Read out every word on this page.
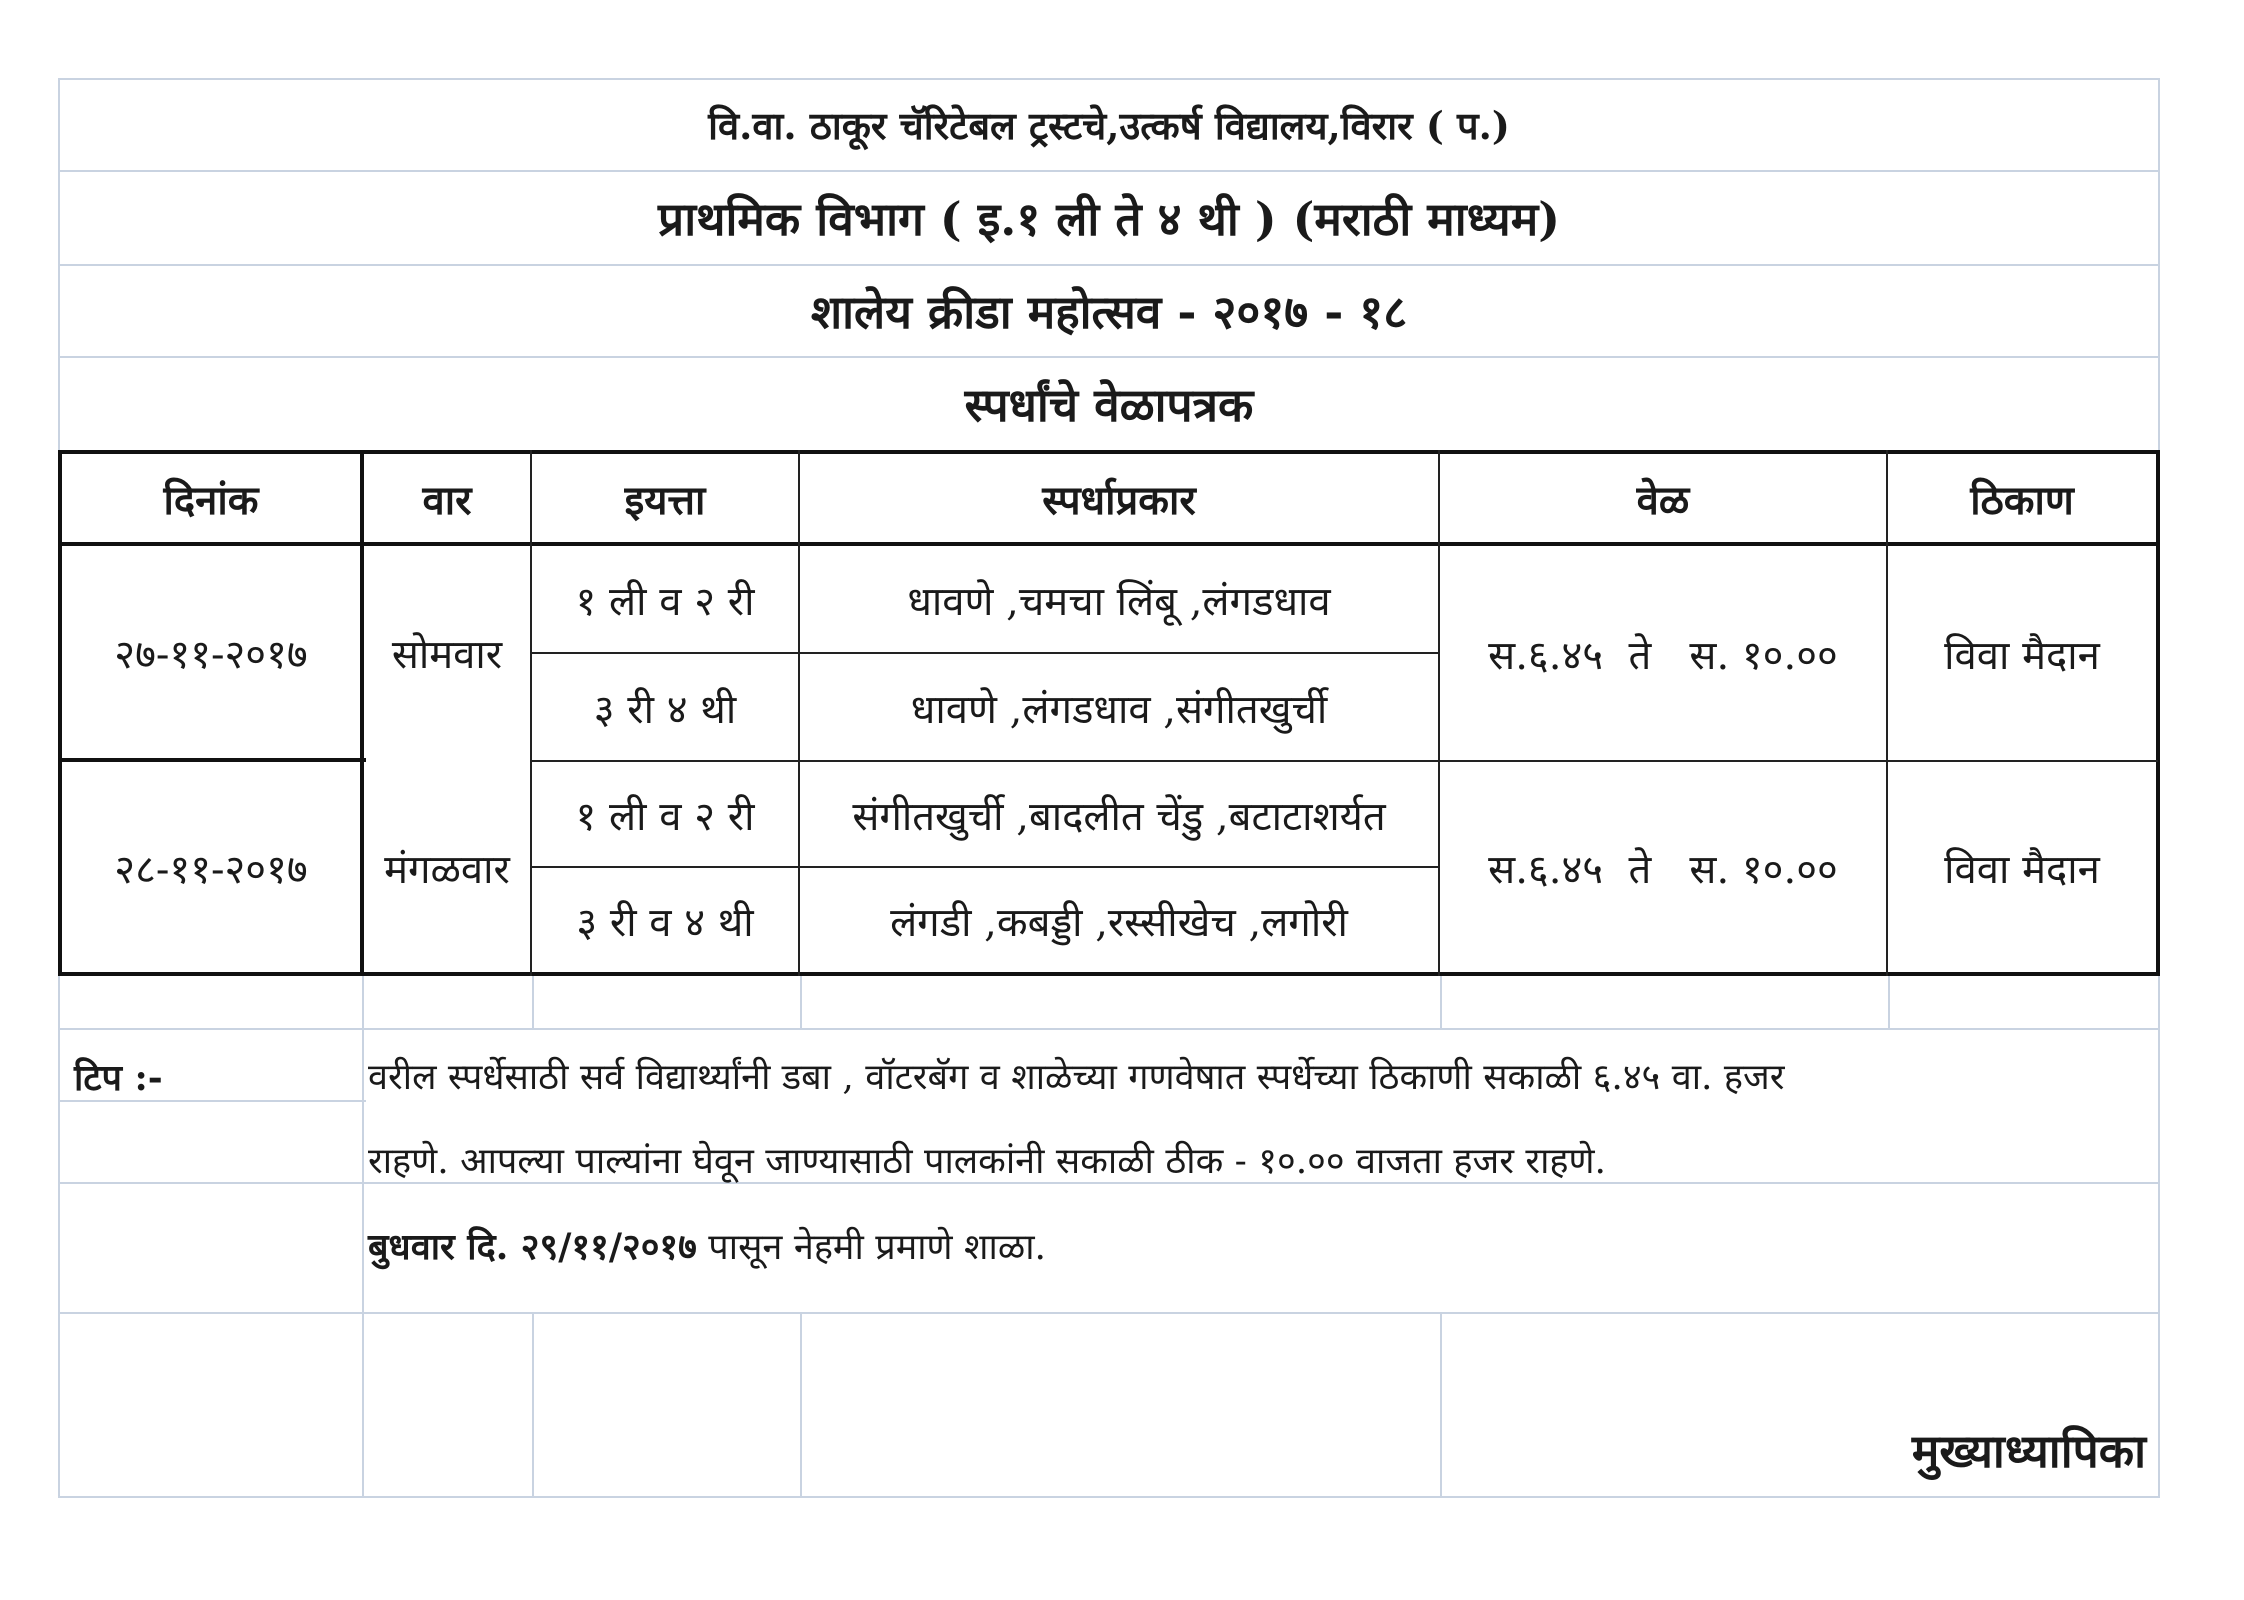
वि.वा. ठाकूर चॅरिटेबल ट्रस्टचे,उत्कर्ष विद्यालय,विरार ( प.)
प्राथमिक विभाग ( इ.१ ली ते ४ थी ) (मराठी माध्यम)
शालेय क्रीडा महोत्सव - २०१७ - १८
स्पर्धांचे वेळापत्रक
दिनांक	वार	इयत्ता	स्पर्धाप्रकार	वेळ	ठिकाण
२७-११-२०१७	सोमवार
१ ली व २ री	धावणे ,चमचा लिंबू ,लंगडधाव
३ री ४ थी	धावणे ,लंगडधाव ,संगीतखुर्ची
स.६.४५  ते   स. १०.००	विवा मैदान
२८-११-२०१७	मंगळवार
१ ली व २ री	संगीतखुर्ची ,बादलीत चेंडु ,बटाटाशर्यत
३ री व ४ थी	लंगडी ,कबड्डी ,रस्सीखेच ,लगोरी
स.६.४५  ते   स. १०.००	विवा मैदान
टिप :-	वरील स्पर्धेसाठी सर्व विद्यार्थ्यांनी डबा , वॉटरबॅग व शाळेच्या गणवेषात स्पर्धेच्या ठिकाणी सकाळी ६.४५ वा. हजर
राहणे. आपल्या पाल्यांना घेवून जाण्यासाठी पालकांनी सकाळी ठीक - १०.०० वाजता हजर राहणे.
बुधवार दि. २९/११/२०१७ पासून नेहमी प्रमाणे शाळा.
मुख्याध्यापिका
